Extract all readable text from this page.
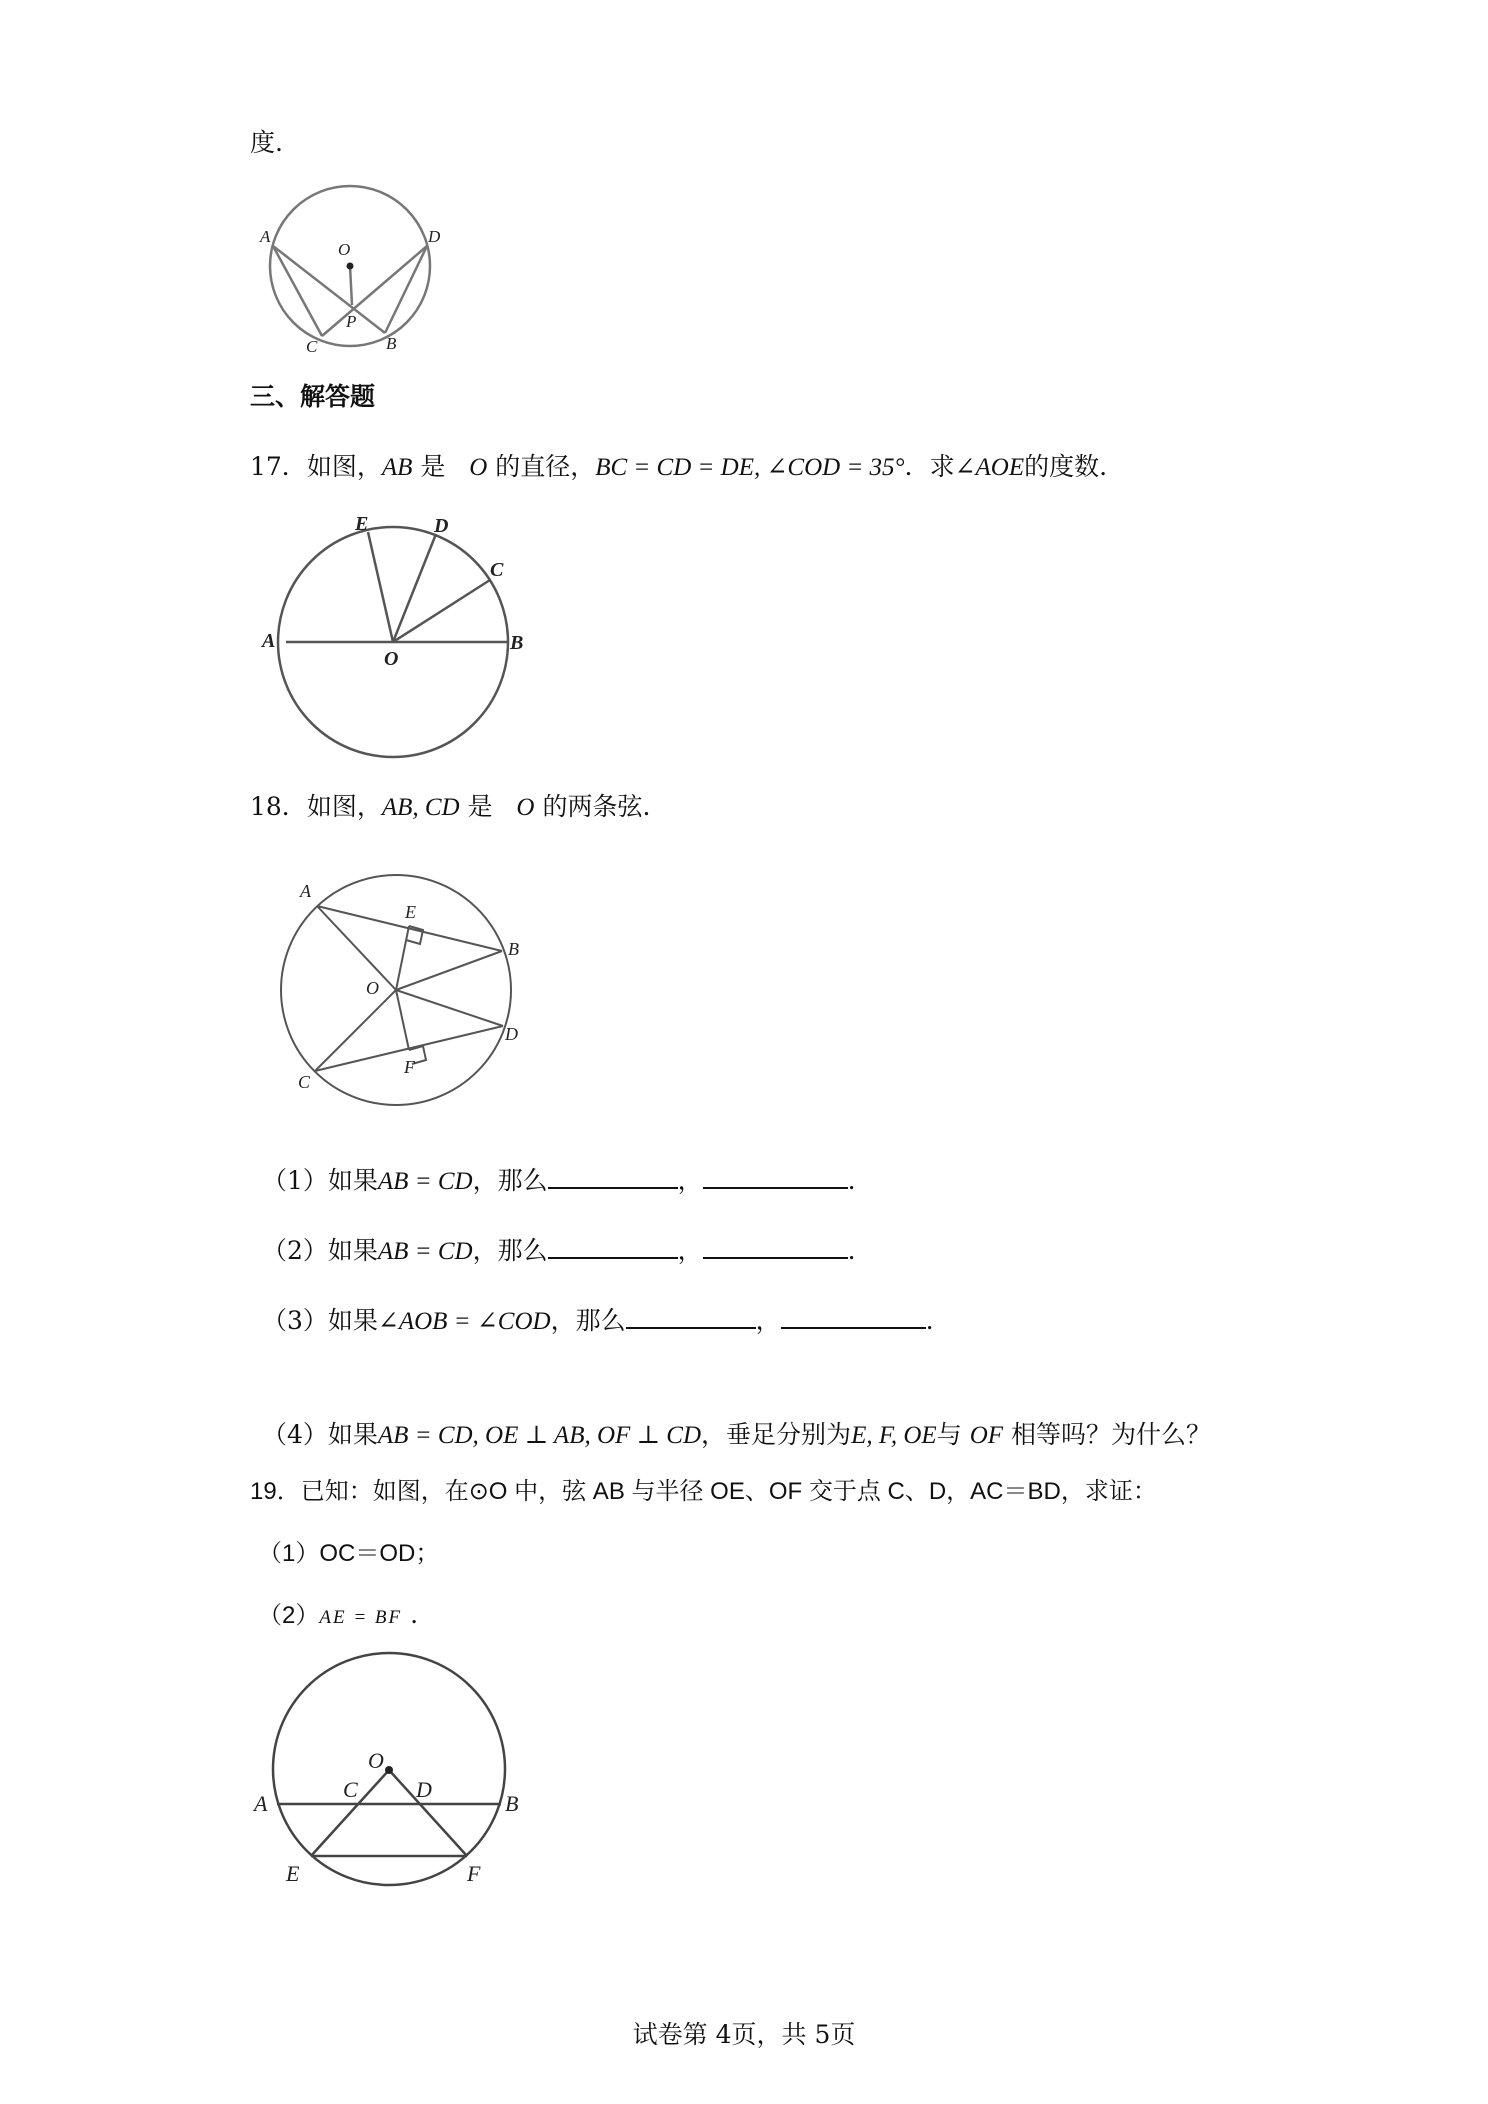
度.
A	D
O
P
C	B
三、解答题
17．如图，AB 是 O 的直径，BC = CD = DE, ∠COD = 35°．求∠AOE的度数.
E	D
C
A
O
B
18．如图，AB, CD 是 O 的两条弦.
A
E
B
O
D
F
C
（1）如果AB = CD，那么	，	.
（2）如果AB = CD，那么	，	.
（3）如果∠AOB = ∠COD，那么	，	.
（4）如果AB = CD, OE ⊥ AB, OF ⊥ CD，垂足分别为E, F, OE与 OF 相等吗？为什么？
19．已知：如图，在⊙O 中，弦 AB 与半径 OE、OF 交于点 C、D，AC＝BD，求证：
（1）OC＝OD；
（2）AE = BF .
O
C	D
A	B
E	F
试卷第 4页，共 5页
